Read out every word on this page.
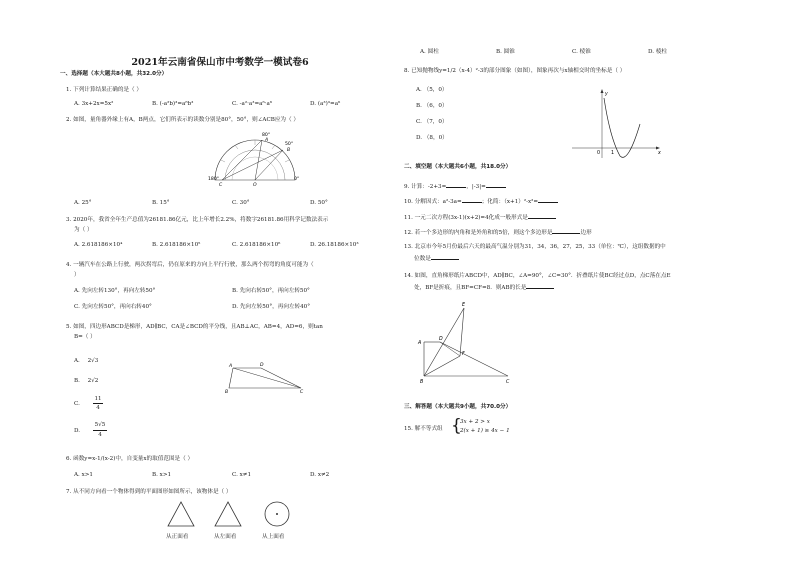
2021年云南省保山市中考数学一模试卷6
一、选择题（本大题共8小题，共32.0分）
1. 下列计算结果正确的是（ ）
A. 3x+2x=5x²	B. (-a²b)³=a⁶b³	C. -a²·a³=a⁶·a⁶	D. (a³)³=a⁶
2. 如图，量角器外缘上有A，B两点，它们所表示的读数分别是80°，50°，则∠ACB应为（ ）
80°
A
50°
B
180°
C	O
0°
A. 25°	B. 15°	C. 30°	D. 50°
3. 2020年，我省全年生产总值为26181.86亿元，比上年增长2.2%，将数字26181.86用科学记数法表示
为（ ）
A. 2.618186×10⁴	B. 2.618186×10⁵	C. 2.618186×10⁶	D. 26.18186×10³
4. 一辆汽车在公路上行驶，两次拐弯后，仍在原来的方向上平行行驶，那么两个拐弯的角度可能为（
）
A. 先向左转130°，再向左转50°	B. 先向右转50°，再向左转50°
C. 先向左转50°，再向右转40°	D. 先向左转50°，再向左转40°
5. 如图，四边形ABCD是梯形，AD∥BC，CA是∠BCD的平分线，且AB⊥AC，AB=4，AD=6，则tan
B=（ ）
A. 2√3
B. 2√2
C.
11
4
D.
5√5
4
A	D
B	C
6. 函数y=x-1/(x-2)中，自变量x的取值范围是（ ）
A. x>1	B. x>1	C. x≠1	D. x≠2
7. 从不同方向看一个物体得到的平面图形如图所示，该物体是（ ）
从正面看	从左面看	从上面看
A. 圆柱	B. 圆锥	C. 棱锥	D. 棱柱
8. 已知抛物线y=1/2（x-4）²-3的部分图象（如图），图象再次与x轴相交时的坐标是（ ）
A. （5，0）
B. （6，0）
C. （7，0）
D. （8，0）
y
x
0 1
二、填空题（本大题共6小题，共18.0分）
9. 计算：-2+3=	，|-3|=
10. 分解因式：a²-3a=	；化简：（x+1）²-x²=
11. 一元二次方程(3x-1)(x+2)=4化成一般形式是
12. 若一个多边形的内角和是外角和的5倍，则这个多边形是	边形
13. 北京市今年5月份最后六天的最高气温分别为31，34，36，27，25，33（单位：℃），这组数据的中
位数是
14. 如图，直角梯形纸片ABCD中，AD∥BC，∠A=90°，∠C=30°．折叠纸片使BC经过点D，点C落在点E
处，BF是折痕，且BF=CF=8．则AB的长是
E
A
D
F
B	C
三、解答题（本大题共9小题，共70.0分）
15. 解不等式组 {
3x + 2 > x
2(x + 1) ≥ 4x − 1
